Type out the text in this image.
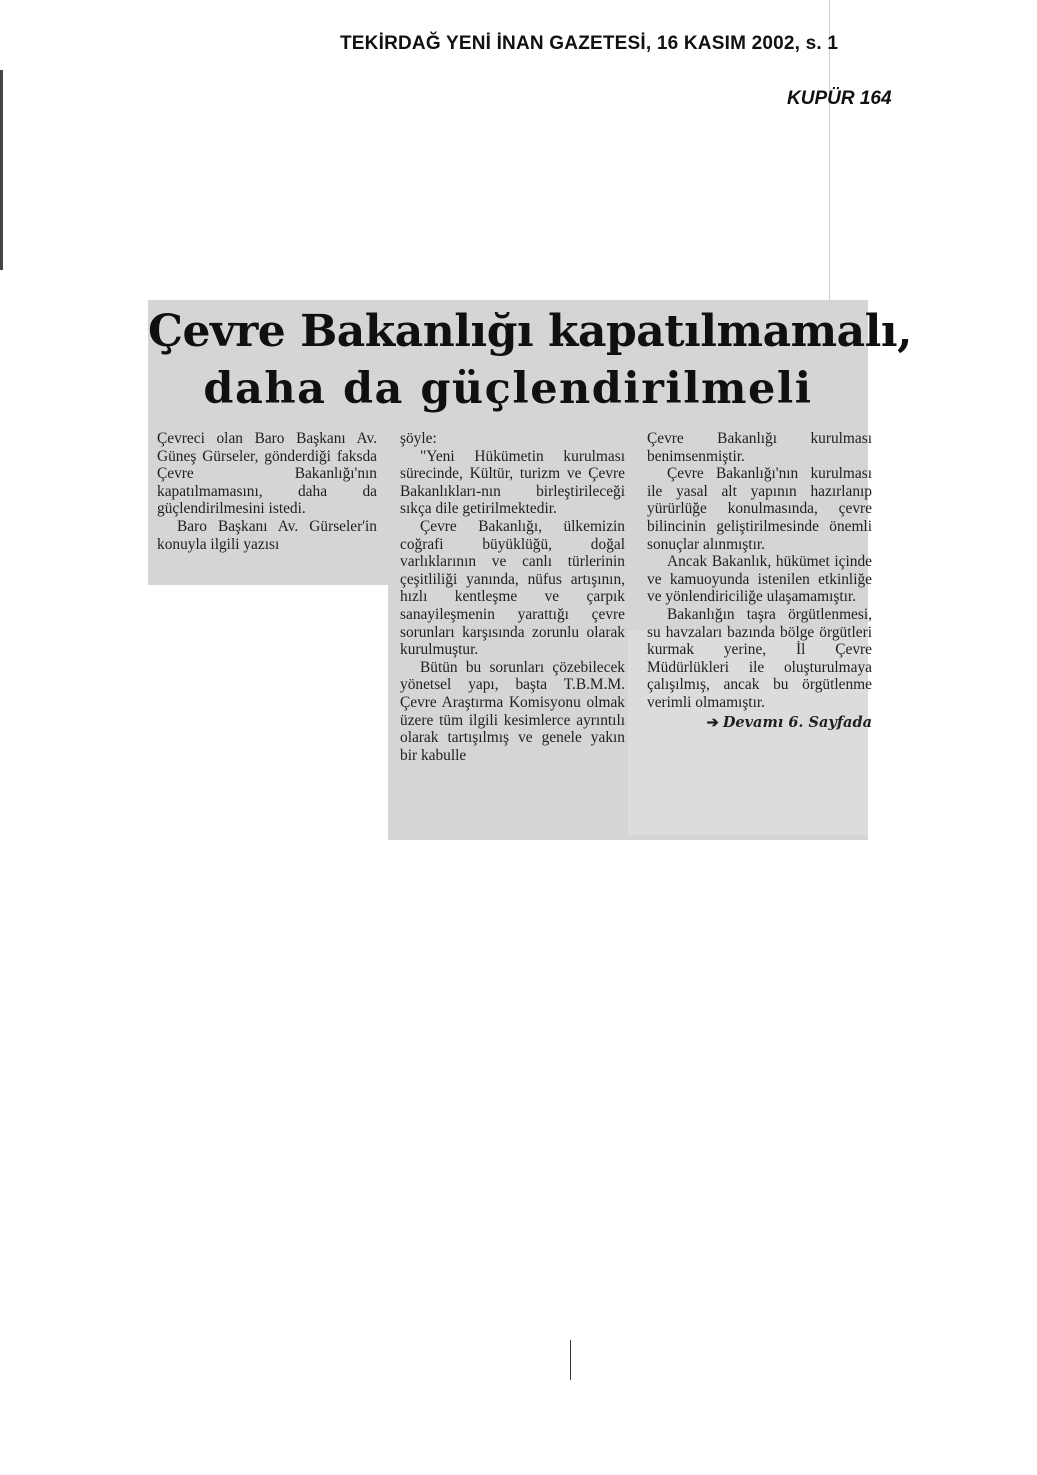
TEKİRDAĞ YENİ İNAN GAZETESİ, 16 KASIM 2002, s. 1
KUPÜR 164
Çevre Bakanlığı kapatılmamalı,
daha da güçlendirilmeli

Çevreci olan Baro Başkanı Av. Güneş Gürseler, gönderdiği faksda Çevre Bakanlığı'nın kapatılmamasını, daha da güçlendirilmesini istedi.

Baro Başkanı Av. Gürseler'in konuyla ilgili yazısı

şöyle:

"Yeni Hükümetin kurulması sürecinde, Kültür, turizm ve Çevre Bakanlıkları-nın birleştirileceği sıkça dile getirilmektedir.

Çevre Bakanlığı, ülkemizin coğrafi büyüklüğü, doğal varlıklarının ve canlı türlerinin çeşitliliği yanında, nüfus artışının, hızlı kentleşme ve çarpık sanayileşmenin yarattığı çevre sorunları karşısında zorunlu olarak kurulmuştur.

Bütün bu sorunları çözebilecek yönetsel yapı, başta T.B.M.M. Çevre Araştırma Komisyonu olmak üzere tüm ilgili kesimlerce ayrıntılı olarak tartışılmış ve genele yakın bir kabulle

Çevre Bakanlığı kurulması benimsenmiştir.

Çevre Bakanlığı'nın kurulması ile yasal alt yapının hazırlanıp yürürlüğe konulmasında, çevre bilincinin geliştirilmesinde önemli sonuçlar alınmıştır.

Ancak Bakanlık, hükümet içinde ve kamuoyunda istenilen etkinliğe ve yönlendiriciliğe ulaşamamıştır.

Bakanlığın taşra örgütlenmesi, su havzaları bazında bölge örgütleri kurmak yerine, İl Çevre Müdürlükleri ile oluşturulmaya çalışılmış, ancak bu örgütlenme verimli olmamıştır.

➔ Devamı 6. Sayfada
